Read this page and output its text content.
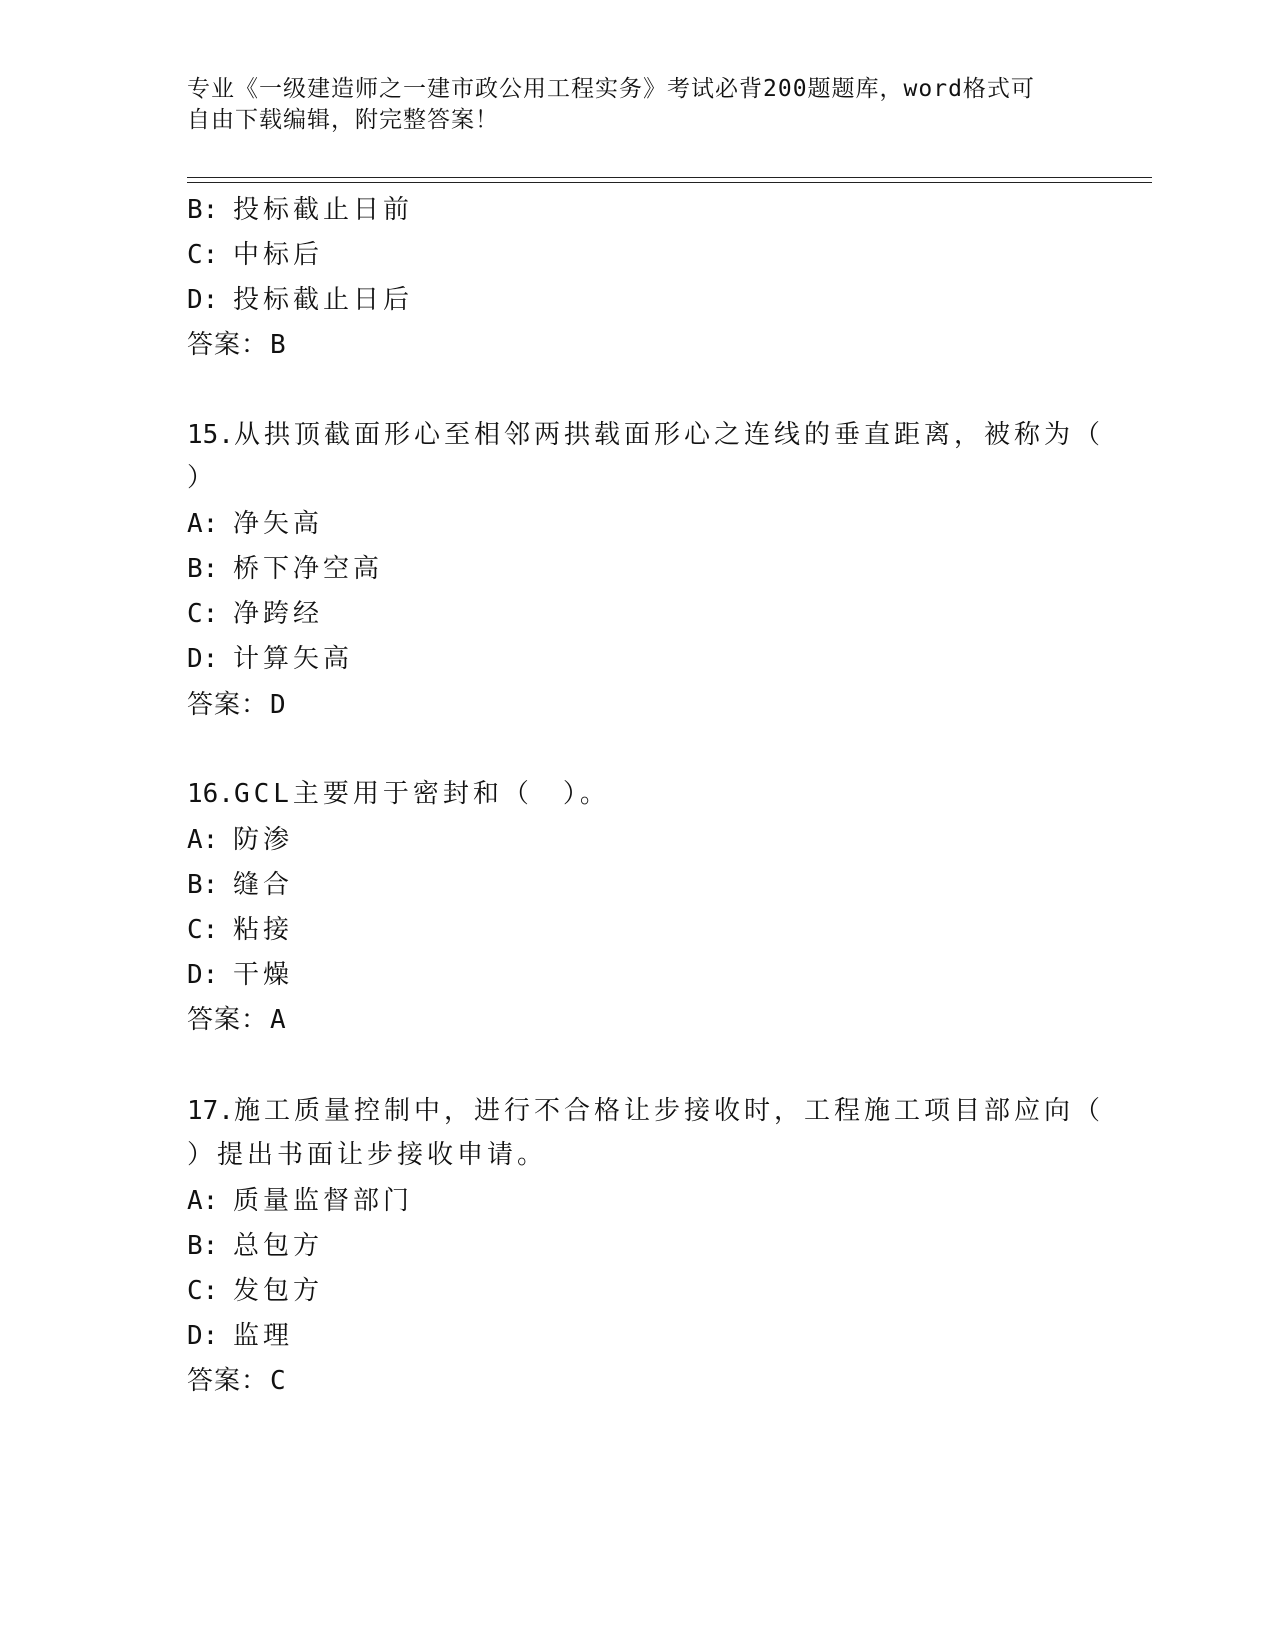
专业《一级建造师之一建市政公用工程实务》考试必背200题题库，word格式可
自由下载编辑，附完整答案！
B: 投标截止日前
C: 中标后
D: 投标截止日后
答案：B
15.从拱顶截面形心至相邻两拱载面形心之连线的垂直距离，被称为（
）
A: 净矢高
B: 桥下净空高
C: 净跨经
D: 计算矢高
答案：D
16.GCL主要用于密封和（　）。
A: 防渗
B: 缝合
C: 粘接
D: 干燥
答案：A
17.施工质量控制中，进行不合格让步接收时，工程施工项目部应向（
）提出书面让步接收申请。
A: 质量监督部门
B: 总包方
C: 发包方
D: 监理
答案：C
